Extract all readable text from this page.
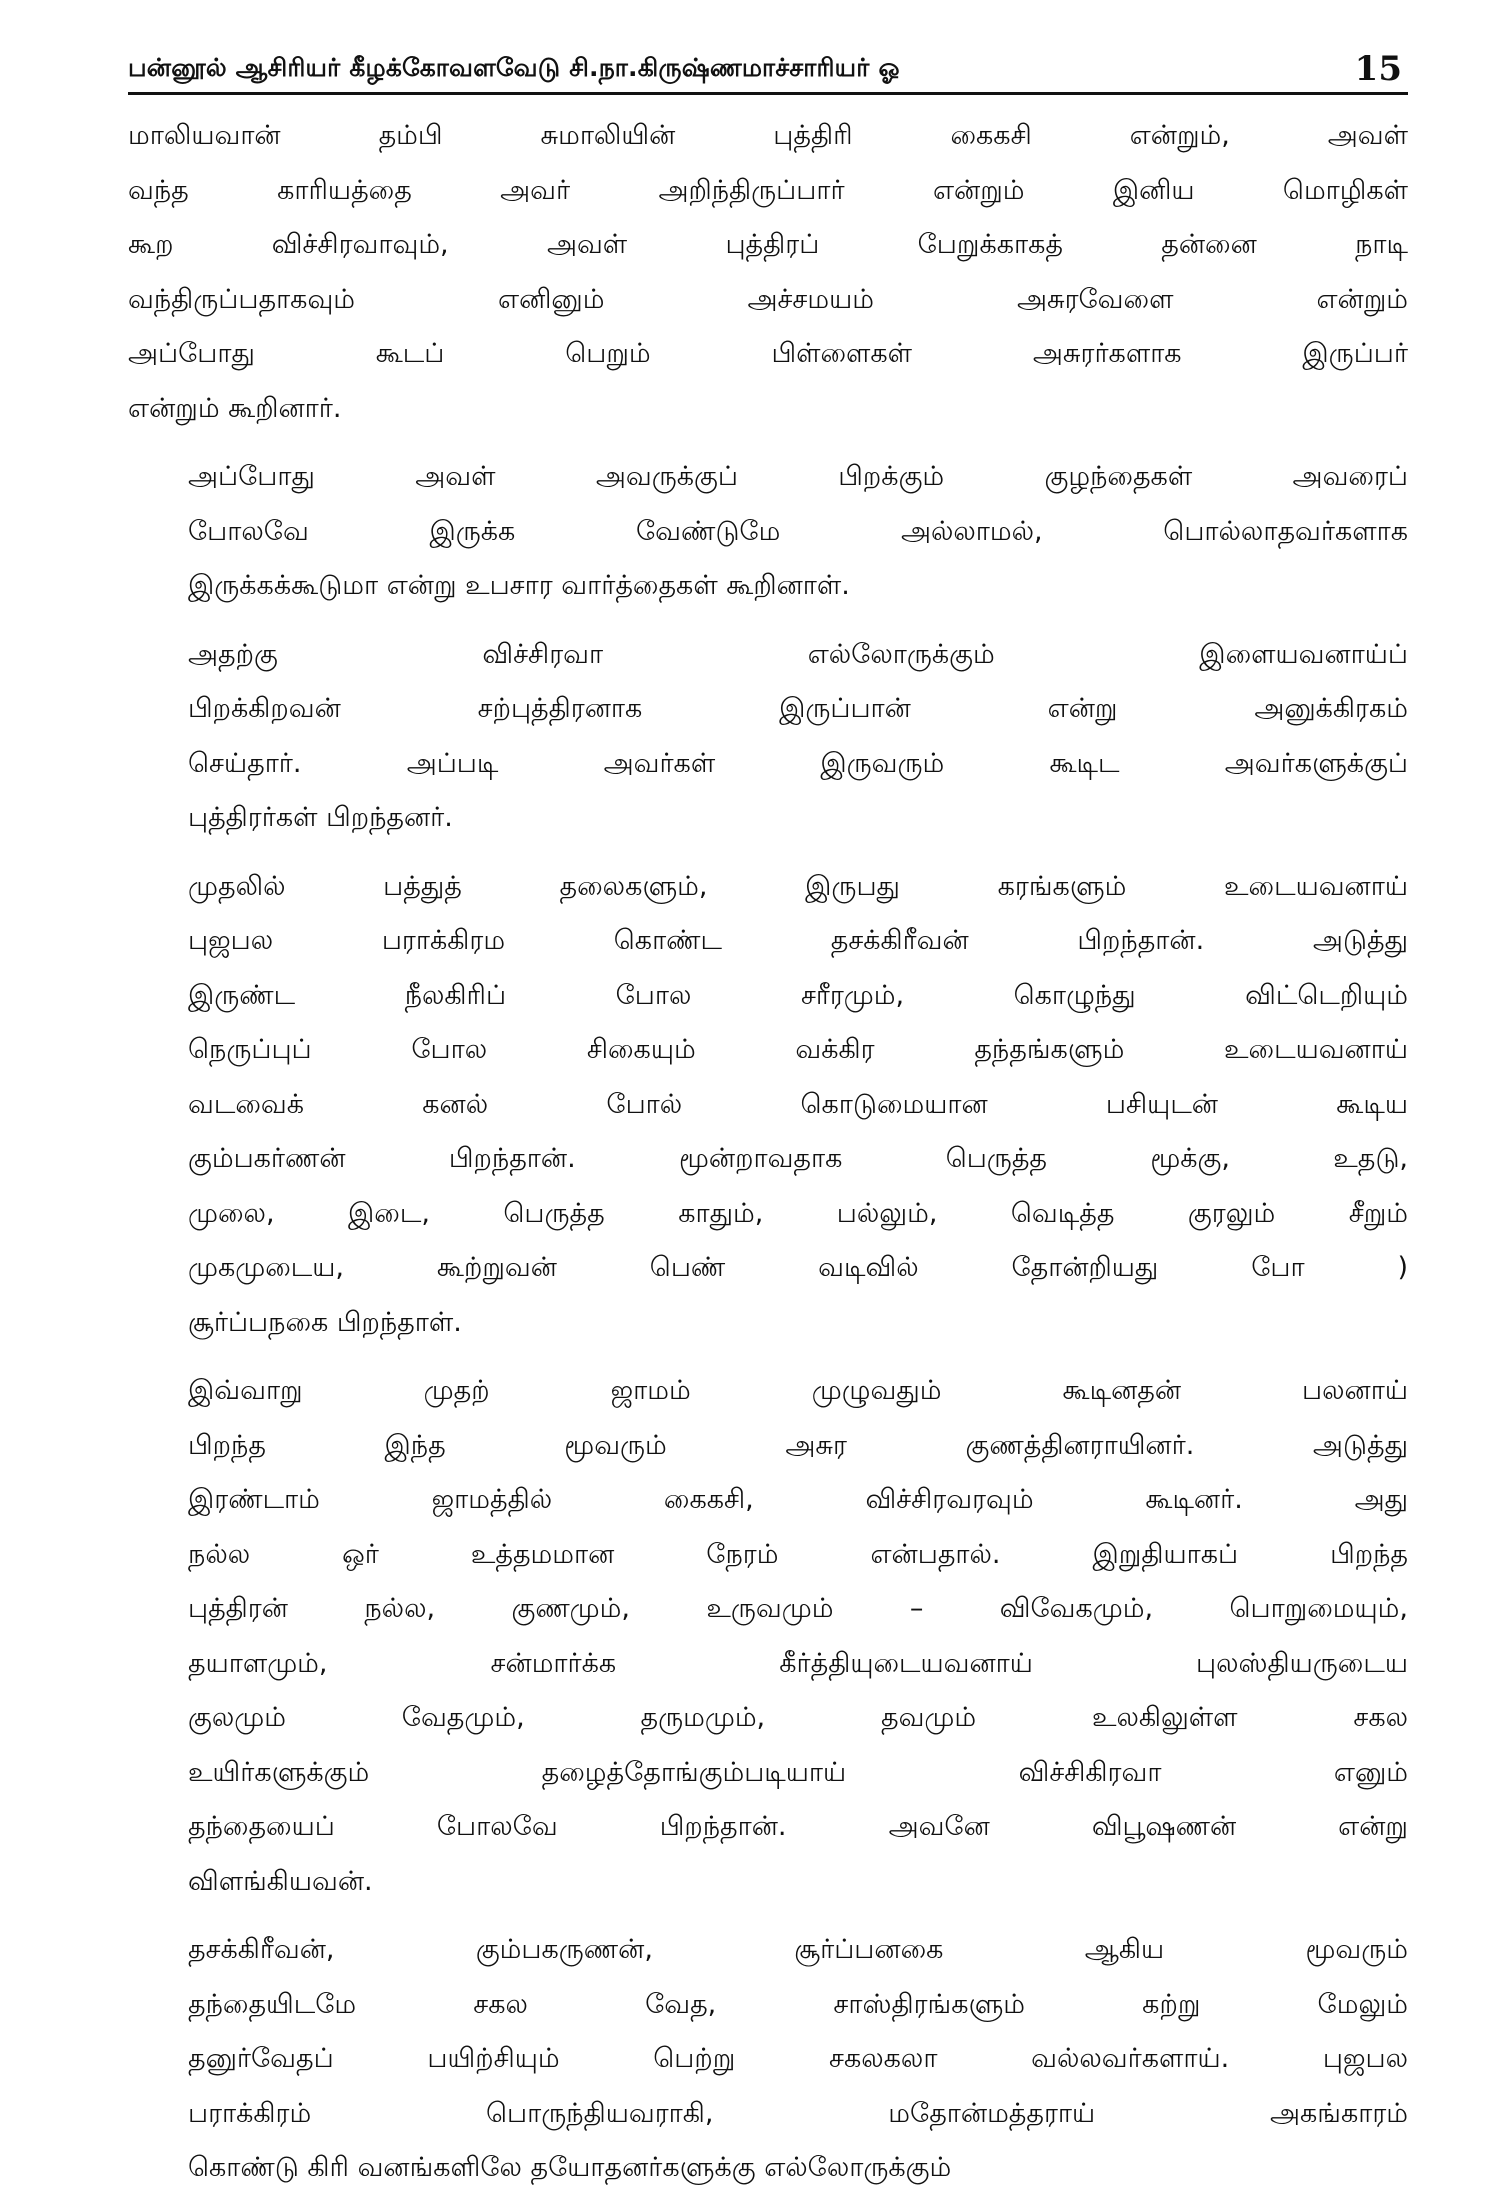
பன்னூல் ஆசிரியர் கீழக்கோவளவேடு சி.நா.கிருஷ்ணமாச்சாரியர் ஓ	15
மாலியவான் தம்பி சுமாலியின் புத்திரி கைகசி என்றும், அவள்
வந்த காரியத்தை அவர் அறிந்திருப்பார் என்றும் இனிய மொழிகள்
கூற விச்சிரவாவும், அவள் புத்திரப் பேறுக்காகத் தன்னை நாடி
வந்திருப்பதாகவும் எனினும் அச்சமயம் அசுரவேளை என்றும்
அப்போது கூடப் பெறும் பிள்ளைகள் அசுரர்களாக இருப்பர்
என்றும் கூறினார்.
அப்போது அவள் அவருக்குப் பிறக்கும் குழந்தைகள் அவரைப்
போலவே இருக்க வேண்டுமே அல்லாமல், பொல்லாதவர்களாக
இருக்கக்கூடுமா என்று உபசார வார்த்தைகள் கூறினாள்.
அதற்கு விச்சிரவா எல்லோருக்கும் இளையவனாய்ப்
பிறக்கிறவன் சற்புத்திரனாக இருப்பான் என்று அனுக்கிரகம்
செய்தார். அப்படி அவர்கள் இருவரும் கூடிட அவர்களுக்குப்
புத்திரர்கள் பிறந்தனர்.
முதலில் பத்துத் தலைகளும், இருபது கரங்களும் உடையவனாய்
புஜபல பராக்கிரம கொண்ட தசக்கிரீவன் பிறந்தான். அடுத்து
இருண்ட நீலகிரிப் போல சரீரமும், கொழுந்து விட்டெறியும்
நெருப்புப் போல சிகையும் வக்கிர தந்தங்களும் உடையவனாய்
வடவைக் கனல் போல் கொடுமையான பசியுடன் கூடிய
கும்பகர்ணன் பிறந்தான். மூன்றாவதாக பெருத்த மூக்கு, உதடு,
முலை, இடை, பெருத்த காதும், பல்லும், வெடித்த குரலும் சீறும்
முகமுடைய, கூற்றுவன் பெண் வடிவில் தோன்றியது போ )
சூர்ப்பநகை பிறந்தாள்.
இவ்வாறு முதற் ஜாமம் முழுவதும் கூடினதன் பலனாய்
பிறந்த இந்த மூவரும் அசுர குணத்தினராயினர். அடுத்து
இரண்டாம் ஜாமத்தில் கைகசி, விச்சிரவரவும் கூடினர். அது
நல்ல ஒர் உத்தமமான நேரம் என்பதால். இறுதியாகப் பிறந்த
புத்திரன் நல்ல, குணமும், உருவமும் – விவேகமும், பொறுமையும்,
தயாளமும், சன்மார்க்க கீர்த்தியுடையவனாய் புலஸ்தியருடைய
குலமும் வேதமும், தருமமும், தவமும் உலகிலுள்ள சகல
உயிர்களுக்கும் தழைத்தோங்கும்படியாய் விச்சிகிரவா எனும்
தந்தையைப் போலவே பிறந்தான். அவனே விபூஷணன் என்று
விளங்கியவன்.
தசக்கிரீவன், கும்பகருணன், சூர்ப்பனகை ஆகிய மூவரும்
தந்தையிடமே சகல வேத, சாஸ்திரங்களும் கற்று மேலும்
தனுர்வேதப் பயிற்சியும் பெற்று சகலகலா வல்லவர்களாய். புஜபல
பராக்கிரம் பொருந்தியவராகி, மதோன்மத்தராய் அகங்காரம்
கொண்டு கிரி வனங்களிலே தயோதனர்களுக்கு எல்லோருக்கும்
